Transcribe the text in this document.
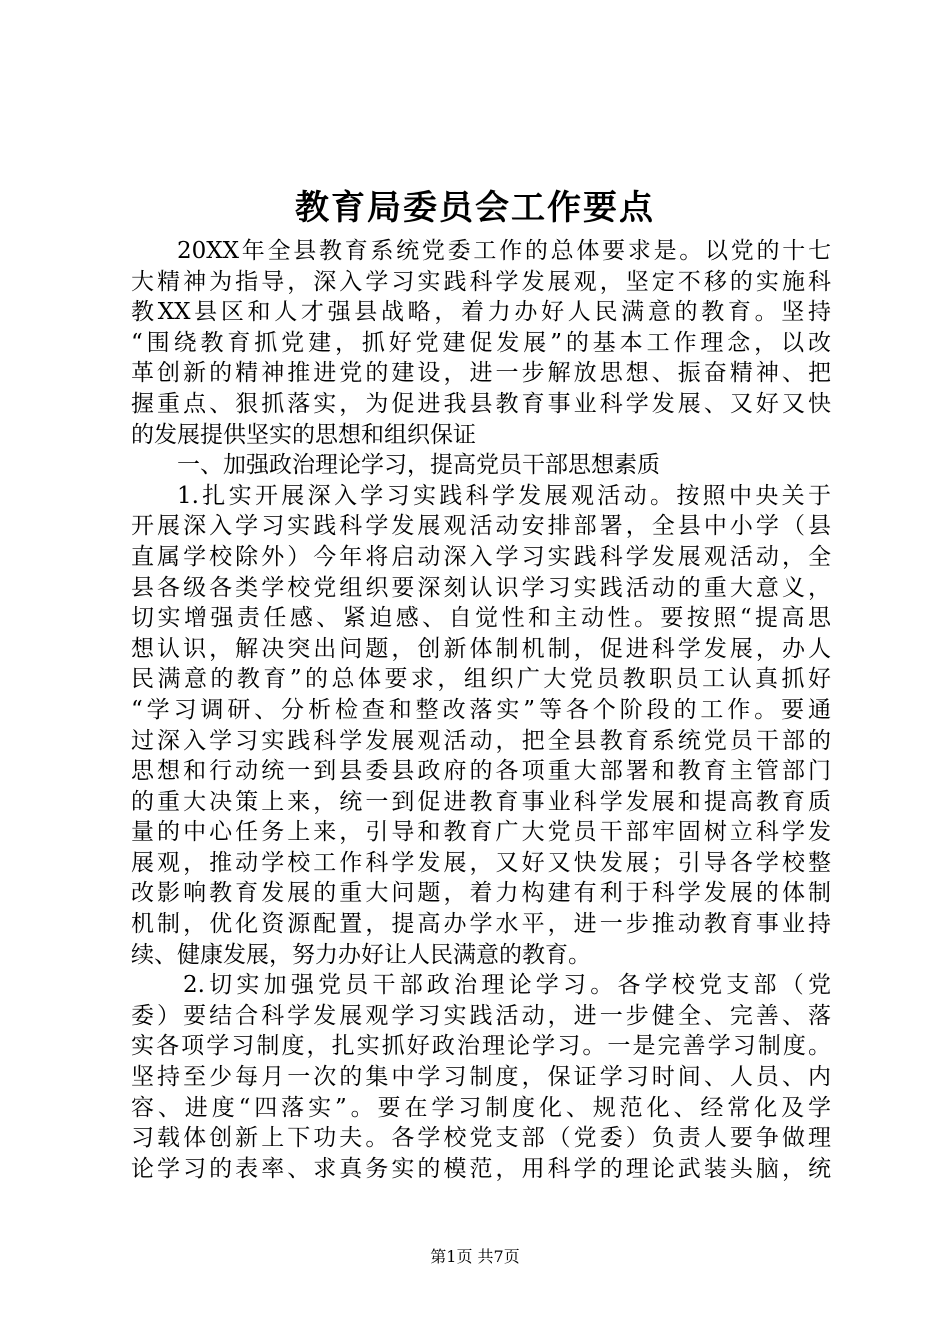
教育局委员会工作要点
20XX年全县教育系统党委工作的总体要求是。以党的十七
大精神为指导，深入学习实践科学发展观，坚定不移的实施科
教XX县区和人才强县战略，着力办好人民满意的教育。坚持
“围绕教育抓党建，抓好党建促发展”的基本工作理念，以改
革创新的精神推进党的建设，进一步解放思想、振奋精神、把
握重点、狠抓落实，为促进我县教育事业科学发展、又好又快
的发展提供坚实的思想和组织保证
一、加强政治理论学习，提高党员干部思想素质
1.扎实开展深入学习实践科学发展观活动。按照中央关于
开展深入学习实践科学发展观活动安排部署，全县中小学（县
直属学校除外）今年将启动深入学习实践科学发展观活动，全
县各级各类学校党组织要深刻认识学习实践活动的重大意义，
切实增强责任感、紧迫感、自觉性和主动性。要按照“提高思
想认识，解决突出问题，创新体制机制，促进科学发展，办人
民满意的教育”的总体要求，组织广大党员教职员工认真抓好
“学习调研、分析检查和整改落实”等各个阶段的工作。要通
过深入学习实践科学发展观活动，把全县教育系统党员干部的
思想和行动统一到县委县政府的各项重大部署和教育主管部门
的重大决策上来，统一到促进教育事业科学发展和提高教育质
量的中心任务上来，引导和教育广大党员干部牢固树立科学发
展观，推动学校工作科学发展，又好又快发展；引导各学校整
改影响教育发展的重大问题，着力构建有利于科学发展的体制
机制，优化资源配置，提高办学水平，进一步推动教育事业持
续、健康发展，努力办好让人民满意的教育。
2.切实加强党员干部政治理论学习。各学校党支部（党
委）要结合科学发展观学习实践活动，进一步健全、完善、落
实各项学习制度，扎实抓好政治理论学习。一是完善学习制度。
坚持至少每月一次的集中学习制度，保证学习时间、人员、内
容、进度“四落实”。要在学习制度化、规范化、经常化及学
习载体创新上下功夫。各学校党支部（党委）负责人要争做理
论学习的表率、求真务实的模范，用科学的理论武装头脑，统
第1页 共7页
